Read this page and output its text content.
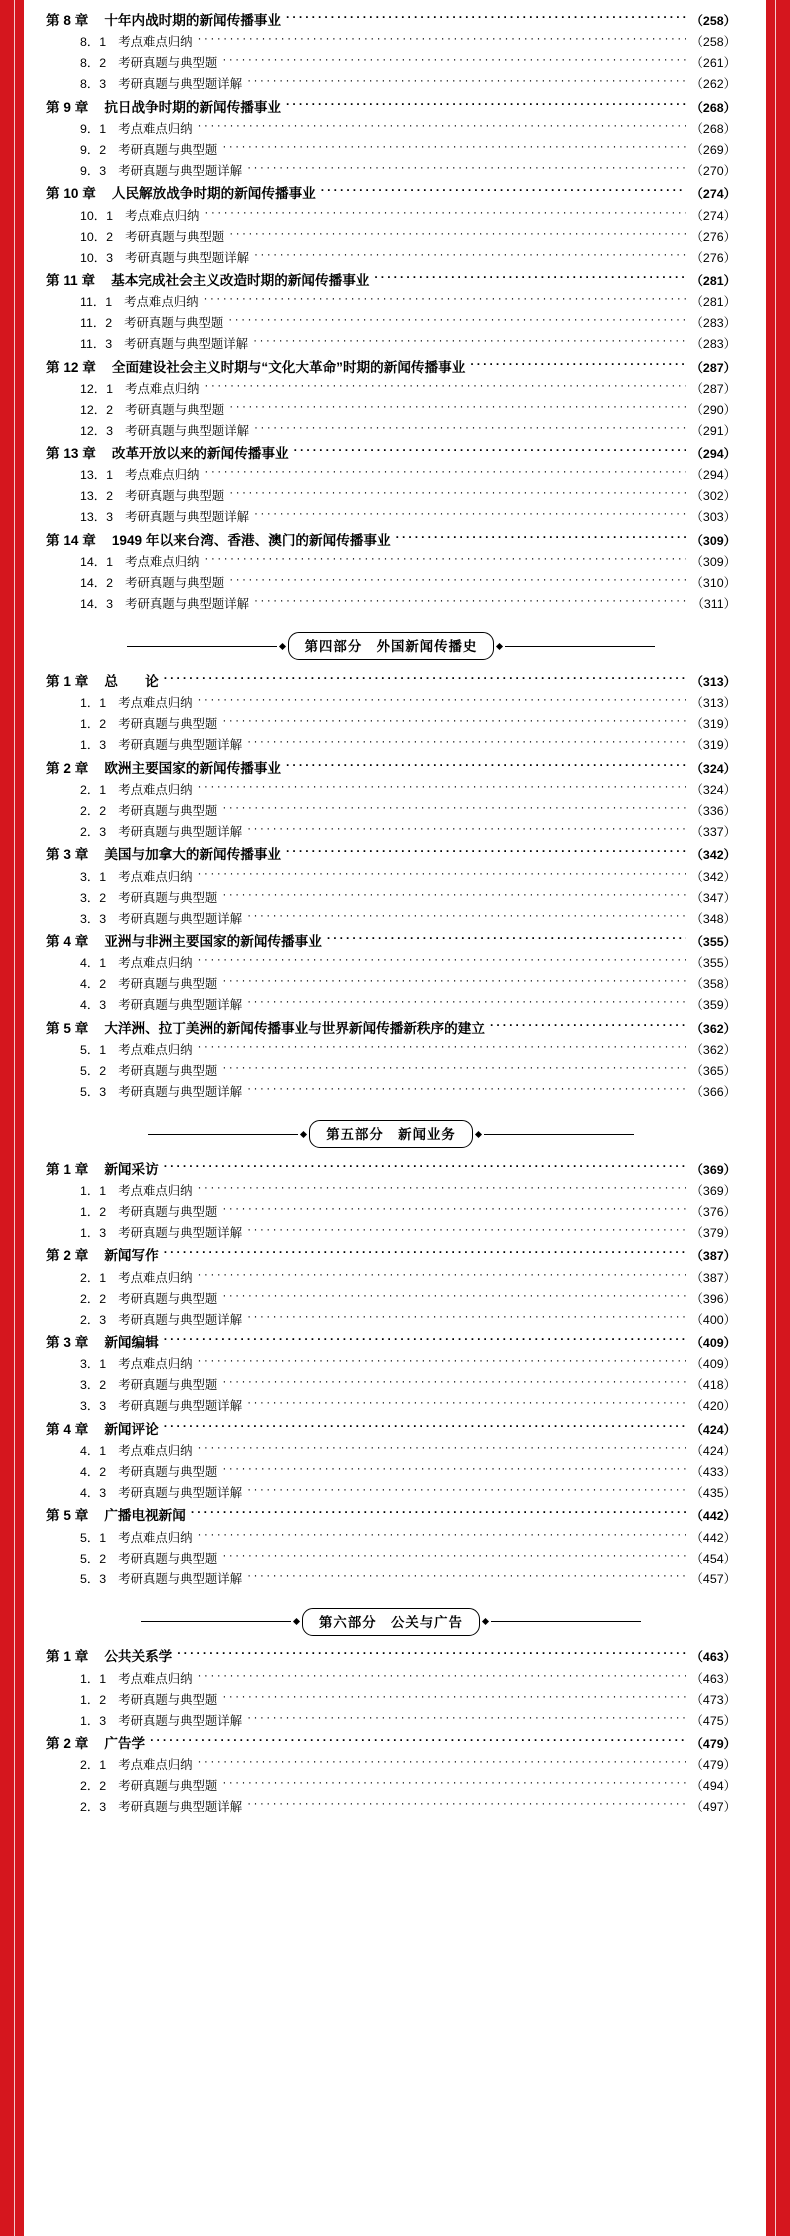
第 8 章 十年内战时期的新闻传播事业 ·····	（258）
8．1 考点难点归纳 ·····	（258）
8．2 考研真题与典型题 ·····	（261）
8．3 考研真题与典型题详解 ·····	（262）
第 9 章 抗日战争时期的新闻传播事业 ·····	（268）
9．1 考点难点归纳 ·····	（268）
9．2 考研真题与典型题 ·····	（269）
9．3 考研真题与典型题详解 ·····	（270）
第 10 章 人民解放战争时期的新闻传播事业 ·····	（274）
10．1 考点难点归纳 ·····	（274）
10．2 考研真题与典型题 ·····	（276）
10．3 考研真题与典型题详解 ·····	（276）
第 11 章 基本完成社会主义改造时期的新闻传播事业 ·····	（281）
11．1 考点难点归纳 ·····	（281）
11．2 考研真题与典型题 ·····	（283）
11．3 考研真题与典型题详解 ·····	（283）
第 12 章 全面建设社会主义时期与“文化大革命”时期的新闻传播事业 ·····	（287）
12．1 考点难点归纳 ·····	（287）
12．2 考研真题与典型题 ·····	（290）
12．3 考研真题与典型题详解 ·····	（291）
第 13 章 改革开放以来的新闻传播事业 ·····	（294）
13．1 考点难点归纳 ·····	（294）
13．2 考研真题与典型题 ·····	（302）
13．3 考研真题与典型题详解 ·····	（303）
第 14 章 1949 年以来台湾、香港、澳门的新闻传播事业 ·····	（309）
14．1 考点难点归纳 ·····	（309）
14．2 考研真题与典型题 ·····	（310）
14．3 考研真题与典型题详解 ·····	（311）
第四部分　外国新闻传播史
第 1 章 总　　论 ·····	（313）
1．1 考点难点归纳 ·····	（313）
1．2 考研真题与典型题 ·····	（319）
1．3 考研真题与典型题详解 ·····	（319）
第 2 章 欧洲主要国家的新闻传播事业 ·····	（324）
2．1 考点难点归纳 ·····	（324）
2．2 考研真题与典型题 ·····	（336）
2．3 考研真题与典型题详解 ·····	（337）
第 3 章 美国与加拿大的新闻传播事业 ·····	（342）
3．1 考点难点归纳 ·····	（342）
3．2 考研真题与典型题 ·····	（347）
3．3 考研真题与典型题详解 ·····	（348）
第 4 章 亚洲与非洲主要国家的新闻传播事业 ·····	（355）
4．1 考点难点归纳 ·····	（355）
4．2 考研真题与典型题 ·····	（358）
4．3 考研真题与典型题详解 ·····	（359）
第 5 章 大洋洲、拉丁美洲的新闻传播事业与世界新闻传播新秩序的建立 ·····	（362）
5．1 考点难点归纳 ·····	（362）
5．2 考研真题与典型题 ·····	（365）
5．3 考研真题与典型题详解 ·····	（366）
第五部分　新闻业务
第 1 章 新闻采访 ·····	（369）
1．1 考点难点归纳 ·····	（369）
1．2 考研真题与典型题 ·····	（376）
1．3 考研真题与典型题详解 ·····	（379）
第 2 章 新闻写作 ·····	（387）
2．1 考点难点归纳 ·····	（387）
2．2 考研真题与典型题 ·····	（396）
2．3 考研真题与典型题详解 ·····	（400）
第 3 章 新闻编辑 ·····	（409）
3．1 考点难点归纳 ·····	（409）
3．2 考研真题与典型题 ·····	（418）
3．3 考研真题与典型题详解 ·····	（420）
第 4 章 新闻评论 ·····	（424）
4．1 考点难点归纳 ·····	（424）
4．2 考研真题与典型题 ·····	（433）
4．3 考研真题与典型题详解 ·····	（435）
第 5 章 广播电视新闻 ·····	（442）
5．1 考点难点归纳 ·····	（442）
5．2 考研真题与典型题 ·····	（454）
5．3 考研真题与典型题详解 ·····	（457）
第六部分　公关与广告
第 1 章 公共关系学 ·····	（463）
1．1 考点难点归纳 ·····	（463）
1．2 考研真题与典型题 ·····	（473）
1．3 考研真题与典型题详解 ·····	（475）
第 2 章 广告学 ·····	（479）
2．1 考点难点归纳 ·····	（479）
2．2 考研真题与典型题 ·····	（494）
2．3 考研真题与典型题详解 ·····	（497）
